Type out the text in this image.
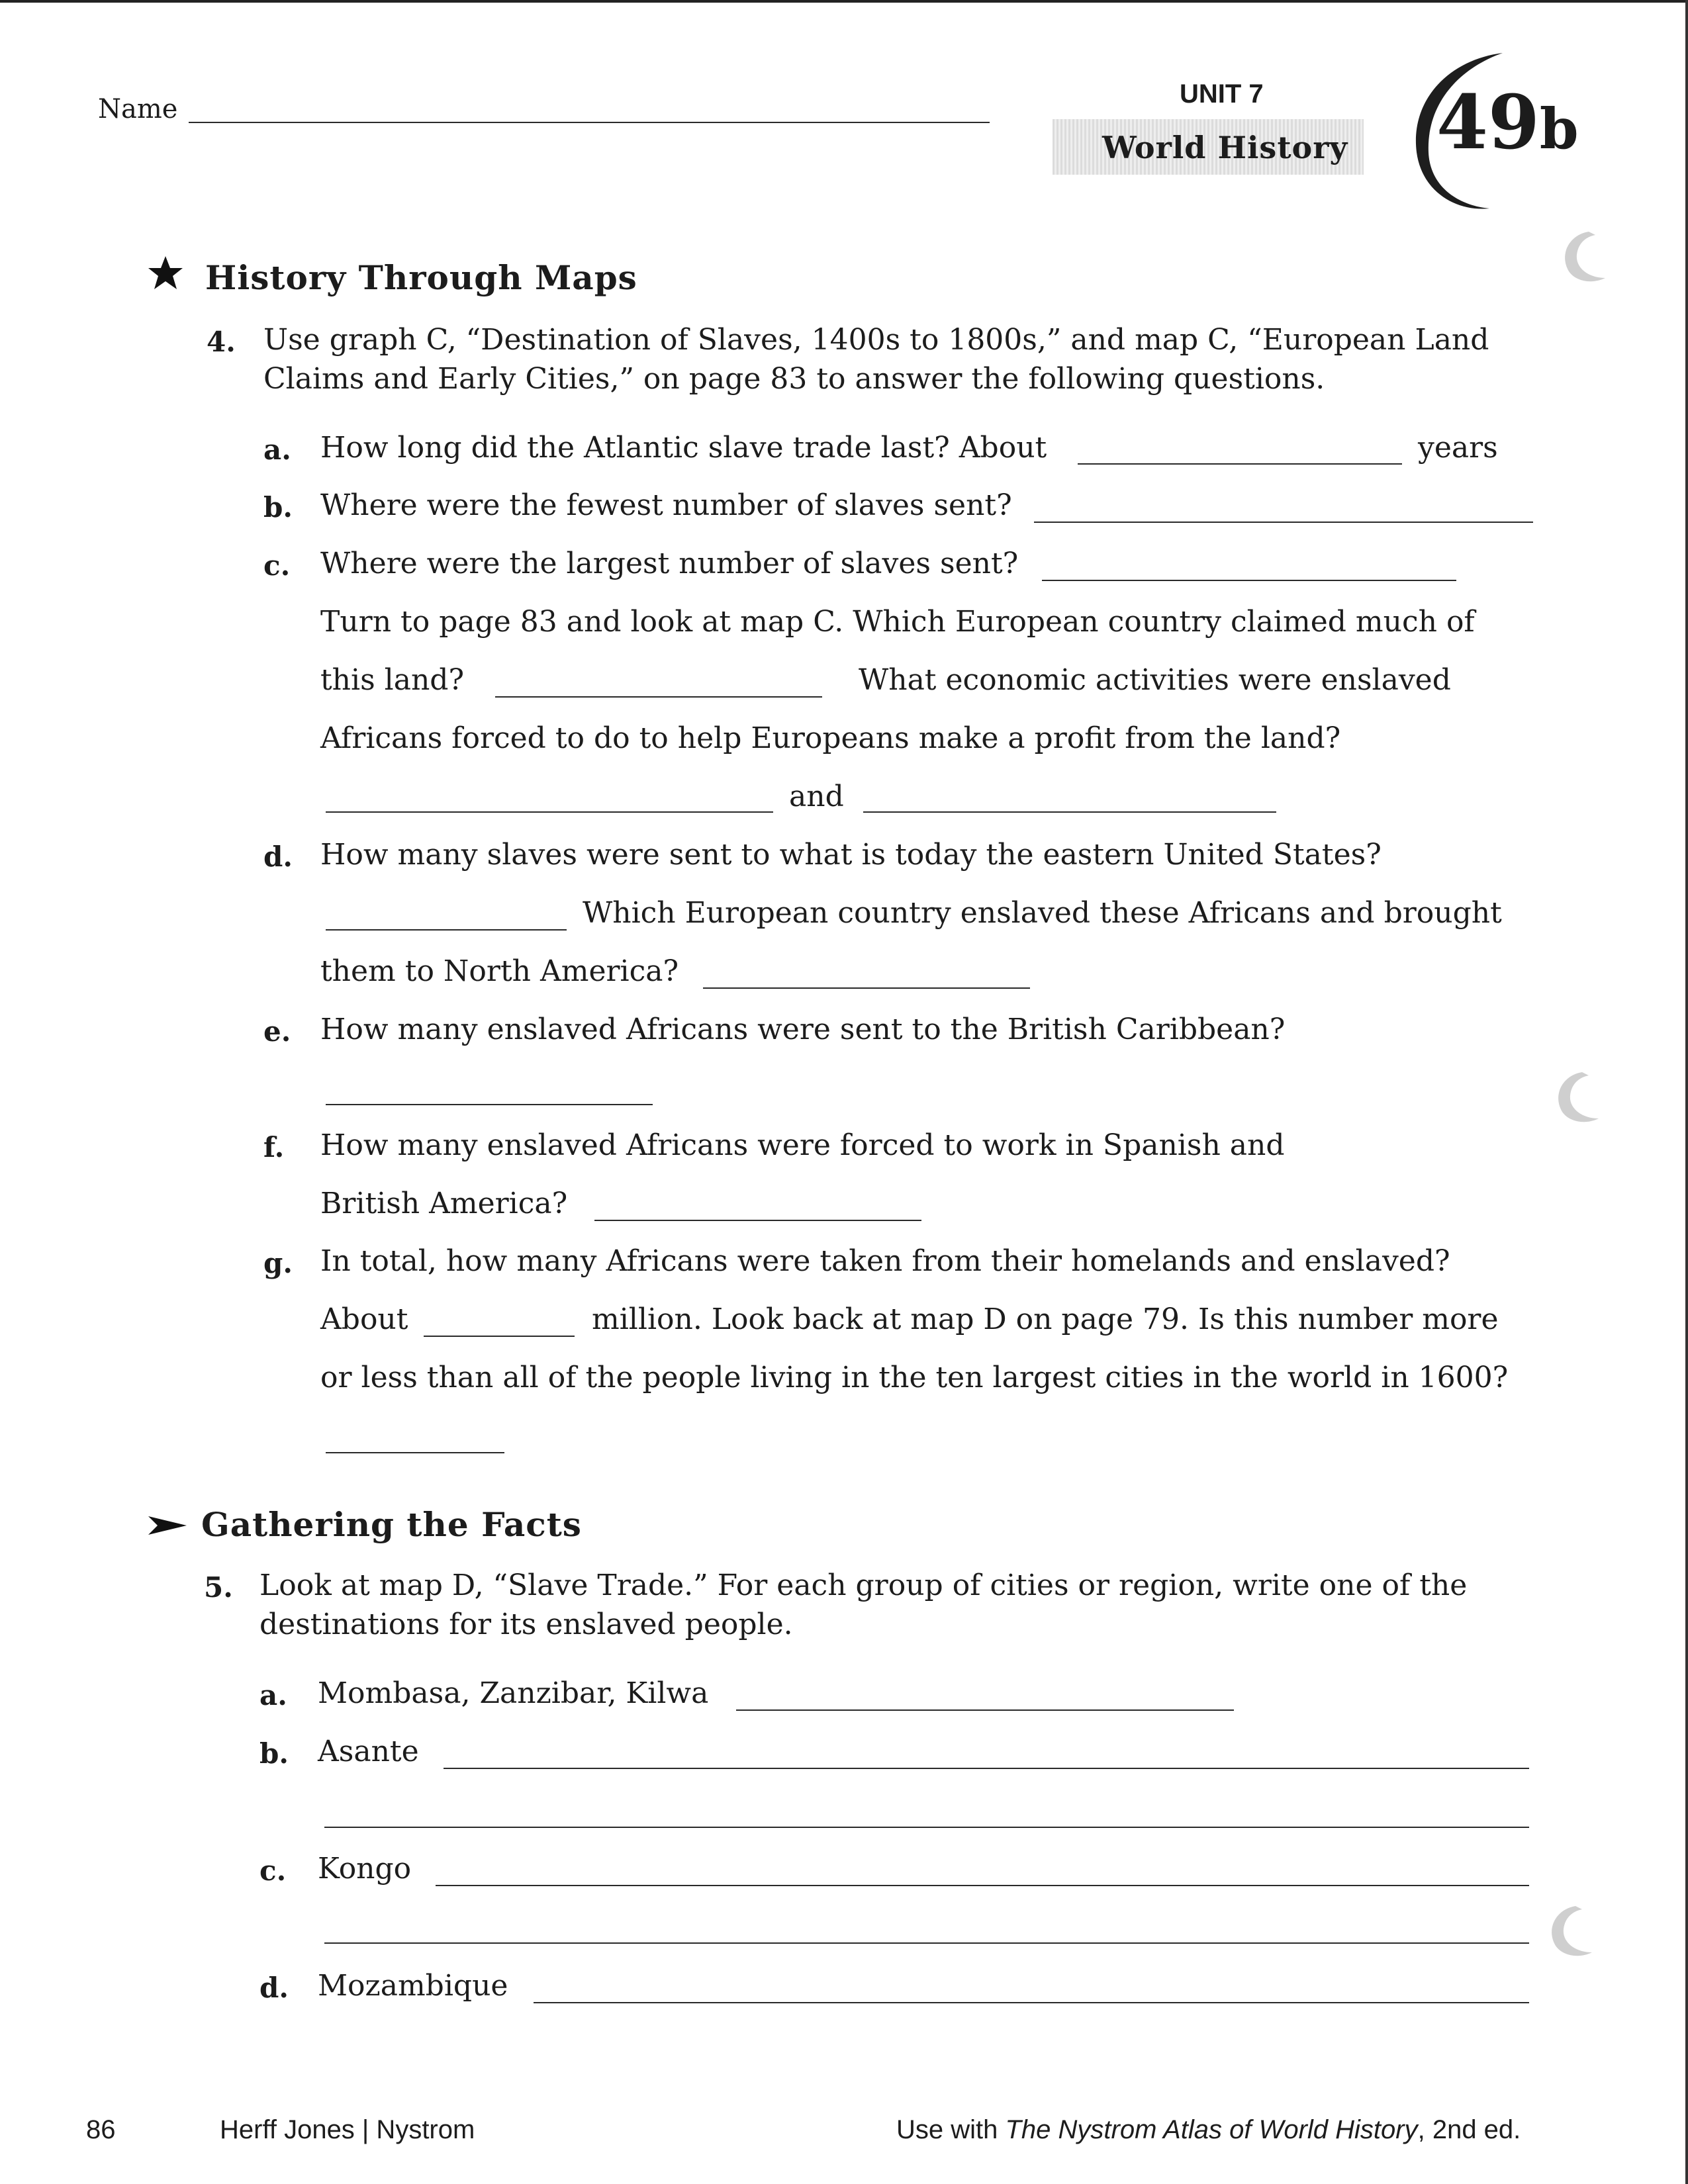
Name	UNIT 7
World History 49b
History Through Maps
4. Use graph C, “Destination of Slaves, 1400s to 1800s,” and map C, “European Land
Claims and Early Cities,” on page 83 to answer the following questions.
a. How long did the Atlantic slave trade last? About	years
b. Where were the fewest number of slaves sent?
c. Where were the largest number of slaves sent?
Turn to page 83 and look at map C. Which European country claimed much of
this land?	What economic activities were enslaved
Africans forced to do to help Europeans make a profit from the land?
and
d. How many slaves were sent to what is today the eastern United States?
Which European country enslaved these Africans and brought
them to North America?
e. How many enslaved Africans were sent to the British Caribbean?
f. How many enslaved Africans were forced to work in Spanish and
British America?
g. In total, how many Africans were taken from their homelands and enslaved?
About	million. Look back at map D on page 79. Is this number more
or less than all of the people living in the ten largest cities in the world in 1600?
Gathering the Facts
5. Look at map D, “Slave Trade.” For each group of cities or region, write one of the
destinations for its enslaved people.
a. Mombasa, Zanzibar, Kilwa
b. Asante
c. Kongo
d. Mozambique
86	Herff Jones | Nystrom	Use with The Nystrom Atlas of World History, 2nd ed.
